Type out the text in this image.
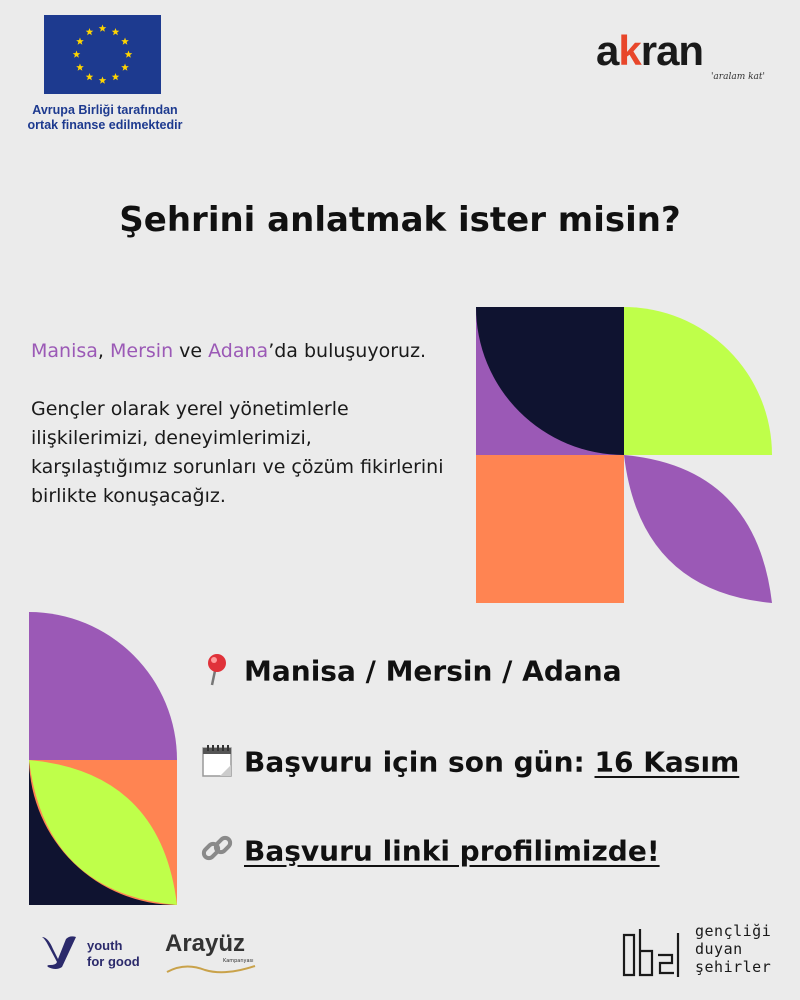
Avrupa Birliği tarafından
ortak finanse edilmektedir
akran
'aralam kat'
Şehrini anlatmak ister misin?

Manisa, Mersin ve Adana’da buluşuyoruz.

Gençler olarak yerel yönetimlerle ilişkilerimizi, deneyimlerimizi, karşılaştığımız sorunları ve çözüm fikirlerini birlikte konuşacağız.

Manisa / Mersin / Adana
Başvuru için son gün: 16 Kasım
Başvuru linki profilimizde!
youth
for good
Arayüz
Kampanyası
gençliği
duyan
şehirler
